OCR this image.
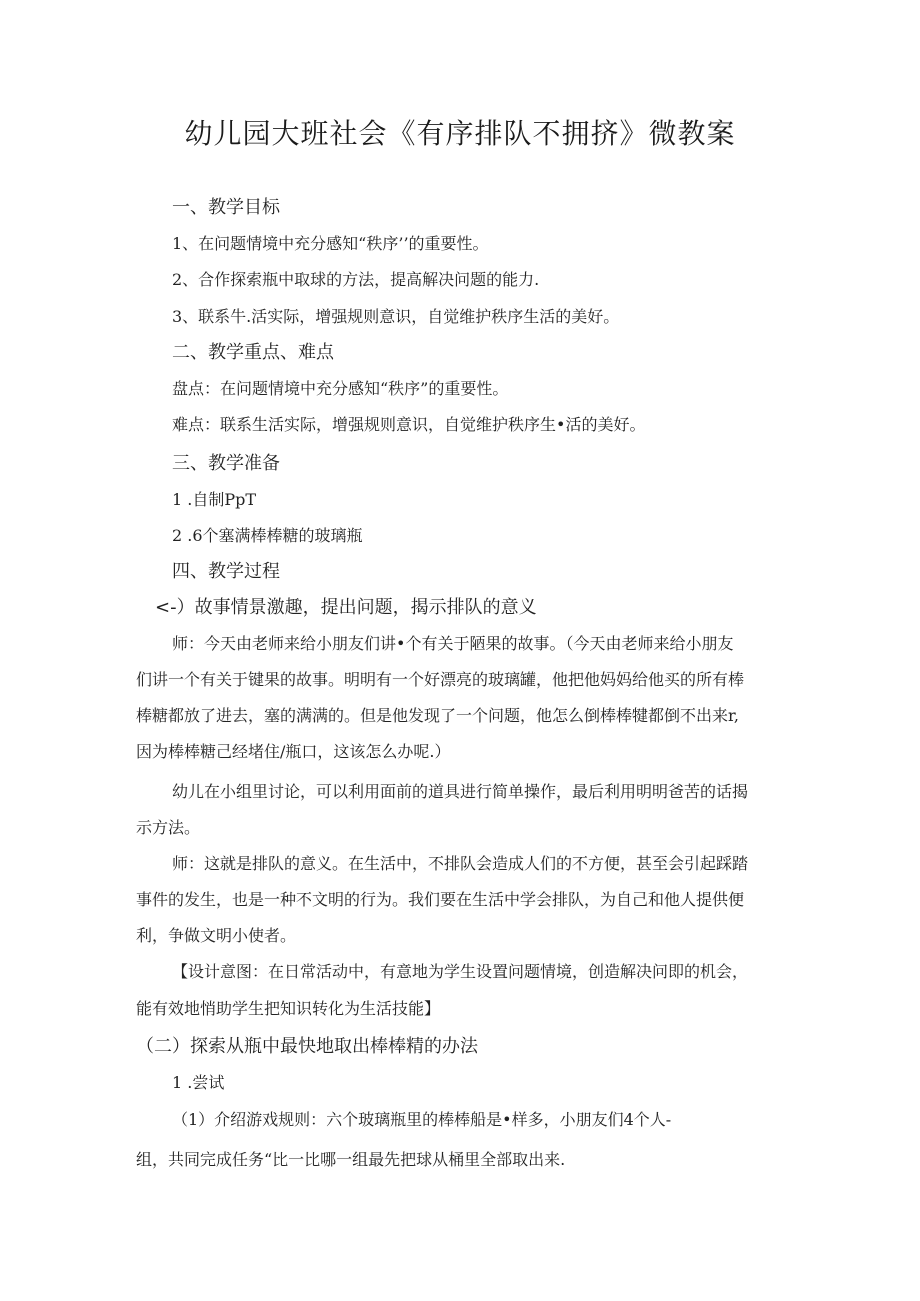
幼儿园大班社会《有序排队不拥挤》微教案
一、教学目标
1、在问题情境中充分感知“秩序’’的重要性。
2、合作探索瓶中取球的方法，提高解决问题的能力.
3、联系牛.活实际，增强规则意识，自觉维护秩序生活的美好。
二、教学重点、难点
盘点：在问题情境中充分感知“秩序”的重要性。
难点：联系生活实际，增强规则意识，自觉维护秩序生•活的美好。
三、教学准备
1 .自制PpT
2 .6个塞满棒棒糖的玻璃瓶
四、教学过程
<-）故事情景激趣，提出问题，揭示排队的意义
师：今天由老师来给小朋友们讲•个有关于陋果的故事。（今天由老师来给小朋友
们讲一个有关于键果的故事。明明有一个好漂亮的玻璃罐，他把他妈妈给他买的所有棒
棒糖都放了进去，塞的满满的。但是他发现了一个问题，他怎么倒棒棒犍都倒不出来r,
因为棒棒糖己经堵住/瓶口，这该怎么办呢.）
幼儿在小组里讨论，可以利用面前的道具进行简单操作，最后利用明明爸苦的话揭
示方法。
师：这就是排队的意义。在生活中，不排队会造成人们的不方便，甚至会引起踩踏
事件的发生，也是一种不文明的行为。我们要在生活中学会排队，为自己和他人提供便
利，争做文明小使者。
【设计意图：在日常活动中，有意地为学生设置问题情境，创造解决问即的机会，
能有效地悄助学生把知识转化为生活技能】
（二）探索从瓶中最快地取出棒棒精的办法
1 .尝试
（1）介绍游戏规则：六个玻璃瓶里的棒棒船是•样多，小朋友们4个人-
组，共同完成任务“比一比哪一组最先把球从桶里全部取出来.
